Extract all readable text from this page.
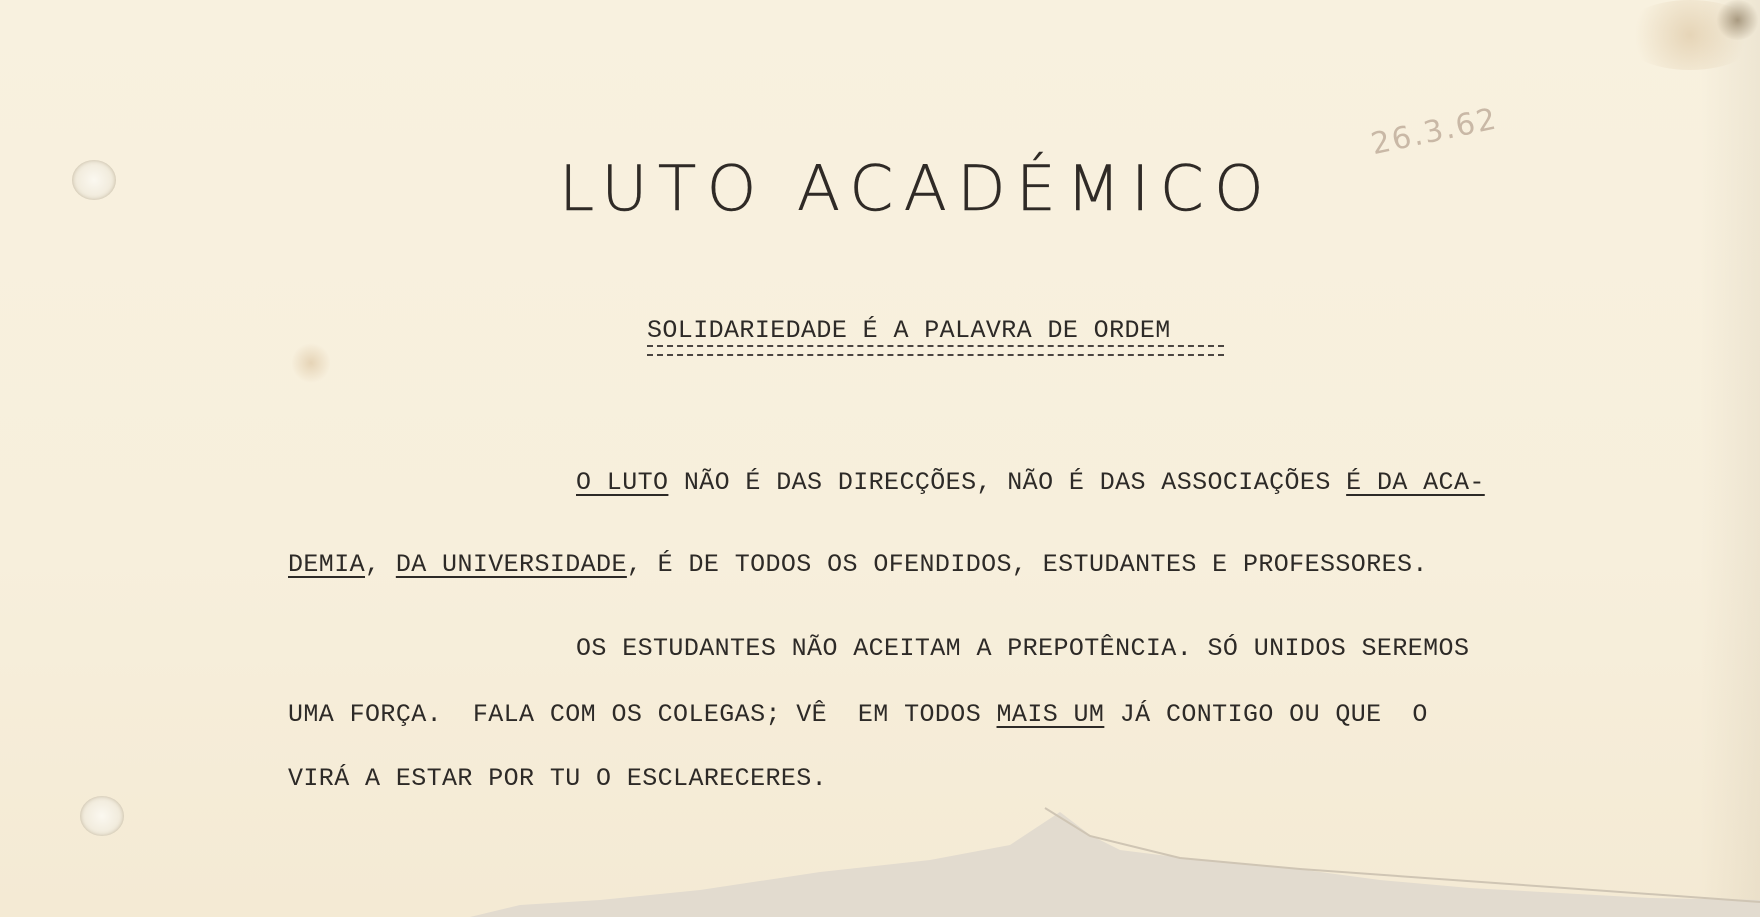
LUTO ACADÉMICO
26.3.62
SOLIDARIEDADE É A PALAVRA DE ORDEM
O LUTO NÃO É DAS DIRECÇÕES, NÃO É DAS ASSOCIAÇÕES É DA ACA-
DEMIA, DA UNIVERSIDADE, É DE TODOS OS OFENDIDOS, ESTUDANTES E PROFESSORES.
OS ESTUDANTES NÃO ACEITAM A PREPOTÊNCIA. SÓ UNIDOS SEREMOS
UMA FORÇA.  FALA COM OS COLEGAS; VÊ  EM TODOS MAIS UM JÁ CONTIGO OU QUE  O
VIRÁ A ESTAR POR TU O ESCLARECERES.
